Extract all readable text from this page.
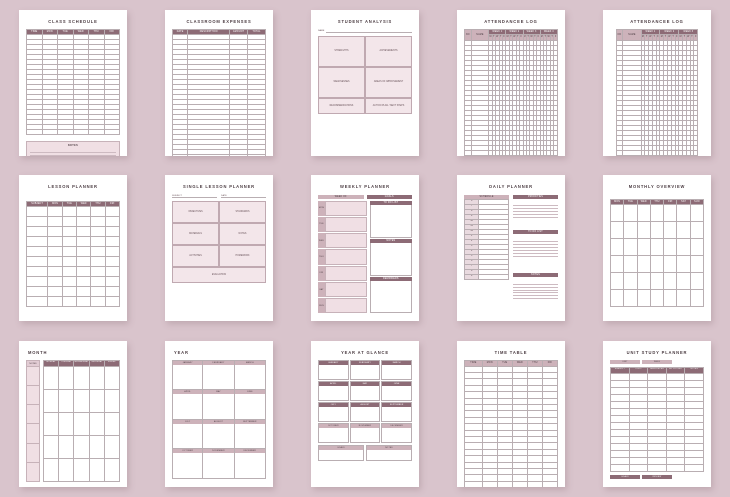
CLASS SCHEDULE
TIME	MON	TUE	WED	THU	FRI

NOTES
CLASSROOM EXPENSES
DATE	DESCRIPTION	AMOUNT	TOTAL

STUDENT ANALYSIS
NAME
STRENGTHS	ACHIEVEMENTS
WEAKNESSES	AREAS OF IMPROVEMENT
RECOMMENDATIONS	ACTION PLAN / NEXT STEPS
ATTENDANCEE LOG
NO	NAME	WEEK 1					WEEK 2					WEEK 3					WEEK 4				
		M	T	W	T	F	M	T	W	T	F	M	T	W	T	F	M	T	W	T	F

ATTENDANCEE LOG
NO	NAME	WEEK 1					WEEK 2					WEEK 3				
		M	T	W	T	F	M	T	W	T	F	M	T	W	T	F

LESSON PLANNER
SUBJECT	MON	TUE	WED	THU	FRI

SINGLE LESSON PLANNER
SUBJECT	DATE
OBJECTIVES	STANDARDS
MATERIALS	NOTES
ACTIVITIES	HOMEWORK
EVALUATION
WEEKLY PLANNER
WEEK OF	GOALS
MON
TUE
WED
THU
FRI
SAT
SUN
TO DO LIST
NOTES
REMINDERS
DAILY PLANNER
SCHEDULE
6	
7	
8	
9	
10	
11	
12	
1	
2	
3	
4	
5	
6	
7	
8	
9	
PRIORITIES
TO DO LIST
NOTES
MONTHLY OVERVIEW
MON	TUE	WED	THU	FRI	SAT	SUN

MONTH
NOTES
MONDAY	TUESDAY	WEDNESDAY	THURSDAY	FRIDAY

YEAR
JANUARY	FEBRUARY	MARCH
APRIL	MAY	JUNE
JULY	AUGUST	SEPTEMBER
OCTOBER	NOVEMBER	DECEMBER
YEAR AT GLANCE
JANUARY	FEBRUARY	MARCH
APRIL	MAY	JUNE
JULY	AUGUST	SEPTEMBER
OCTOBER	NOVEMBER	DECEMBER
GOALS	NOTES
TIME TABLE
TIME	MON	TUE	WED	THU	FRI

UNIT STUDY PLANNER
UNIT	WEEK
SUBJECT	TOPIC	RESOURCES	ACTIVITIES	NOTES

GOALS	REVIEW
